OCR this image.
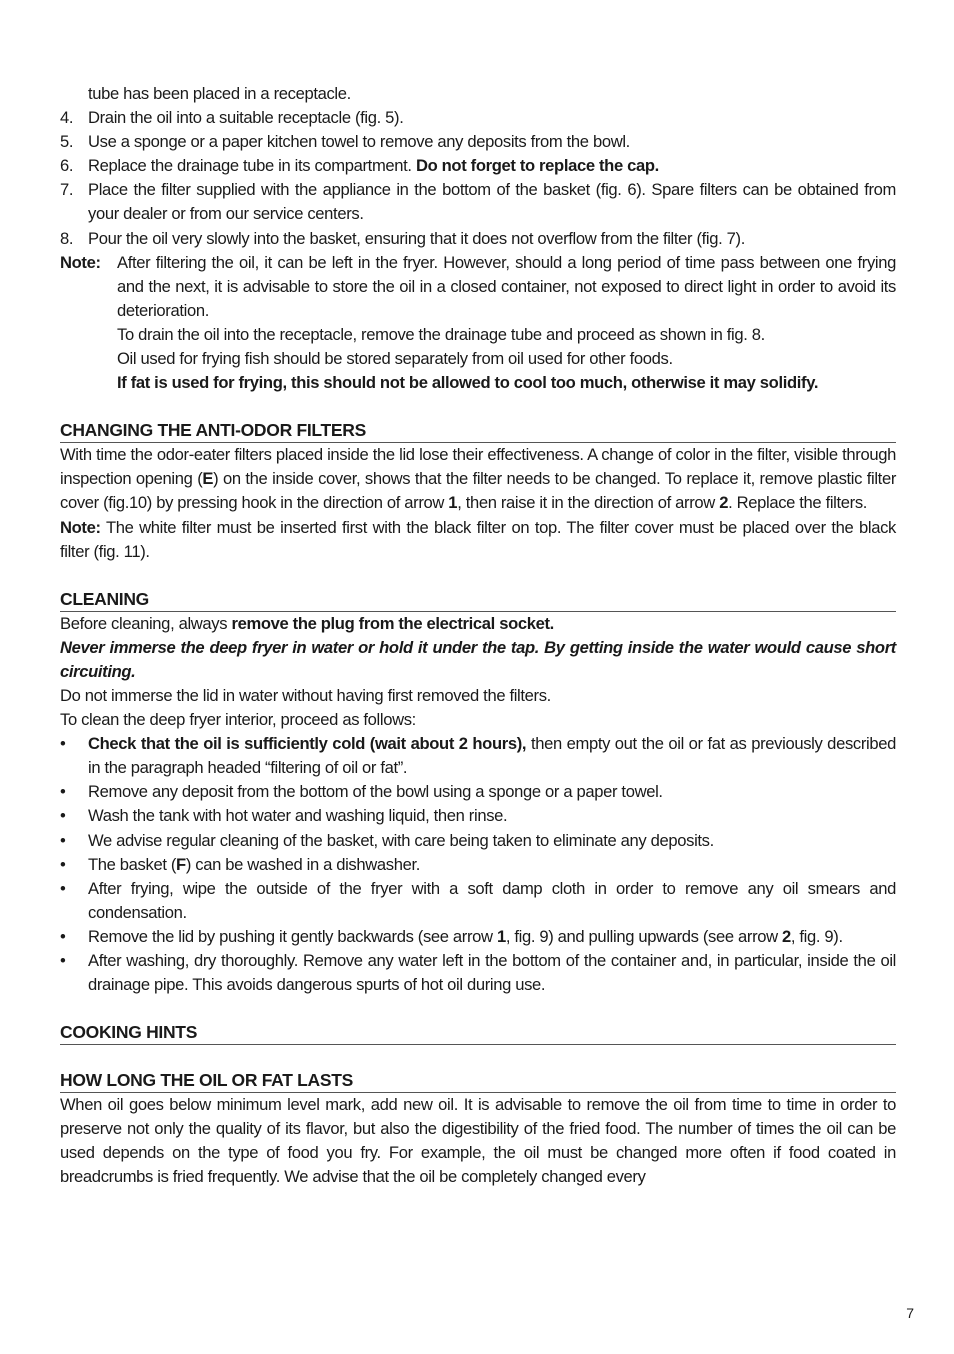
tube has been placed in a receptacle.
4. Drain the oil into a suitable receptacle (fig. 5).
5. Use a sponge or a paper kitchen towel to remove any deposits from the bowl.
6. Replace the drainage tube in its compartment. Do not forget to replace the cap.
7. Place the filter supplied with the appliance in the bottom of the basket (fig. 6). Spare filters can be obtained from your dealer or from our service centers.
8. Pour the oil very slowly into the basket, ensuring that it does not overflow from the filter (fig. 7).
Note: After filtering the oil, it can be left in the fryer. However, should a long period of time pass between one frying and the next, it is advisable to store the oil in a closed container, not exposed to direct light in order to avoid its deterioration.

To drain the oil into the receptacle, remove the drainage tube and proceed as shown in fig. 8.

Oil used for frying fish should be stored separately from oil used for other foods.

If fat is used for frying, this should not be allowed to cool too much, otherwise it may solidify.

CHANGING THE ANTI-ODOR FILTERS

With time the odor-eater filters placed inside the lid lose their effectiveness. A change of color in the filter, visible through inspection opening (E) on the inside cover, shows that the filter needs to be changed. To replace it, remove plastic filter cover (fig.10) by pressing hook in the direction of arrow 1, then raise it in the direction of arrow 2. Replace the filters.

Note: The white filter must be inserted first with the black filter on top. The filter cover must be placed over the black filter (fig. 11).

CLEANING

Before cleaning, always remove the plug from the electrical socket.

Never immerse the deep fryer in water or hold it under the tap. By getting inside the water would cause short circuiting.

Do not immerse the lid in water without having first removed the filters.

To clean the deep fryer interior, proceed as follows:

•	Check that the oil is sufficiently cold (wait about 2 hours), then empty out the oil or fat as previously described in the paragraph headed “filtering of oil or fat”.
•	Remove any deposit from the bottom of the bowl using a sponge or a paper towel.
•	Wash the tank with hot water and washing liquid, then rinse.
•	We advise regular cleaning of the basket, with care being taken to eliminate any deposits.
•	The basket (F) can be washed in a dishwasher.
•	After frying, wipe the outside of the fryer with a soft damp cloth in order to remove any oil smears and condensation.
•	Remove the lid by pushing it gently backwards (see arrow 1, fig. 9) and pulling upwards (see arrow 2, fig. 9).
•	After washing, dry thoroughly. Remove any water left in the bottom of the container and, in particular, inside the oil drainage pipe. This avoids dangerous spurts of hot oil during use.
COOKING HINTS
HOW LONG THE OIL OR FAT LASTS

When oil goes below minimum level mark, add new oil. It is advisable to remove the oil from time to time in order to preserve not only the quality of its flavor, but also the digestibility of the fried food. The number of times the oil can be used depends on the type of food you fry. For example, the oil must be changed more often if food coated in breadcrumbs is fried frequently. We advise that the oil be completely changed every

7
